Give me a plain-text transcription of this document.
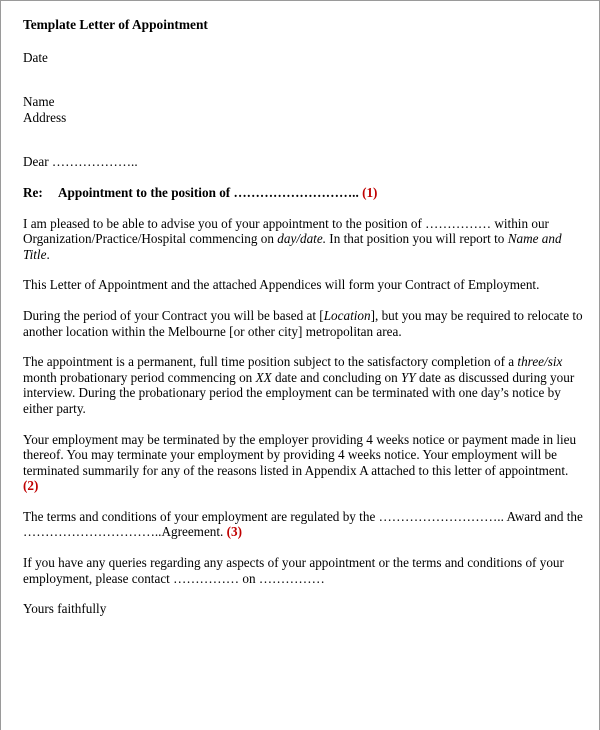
Template Letter of Appointment

Date

Name

Address

Dear ………………..

Re: Appointment to the position of ……………………….. (1)

I am pleased to be able to advise you of your appointment to the position of …………… within our Organization/Practice/Hospital commencing on day/date. In that position you will report to Name and Title.

This Letter of Appointment and the attached Appendices will form your Contract of Employment.

During the period of your Contract you will be based at [Location], but you may be required to relocate to another location within the Melbourne [or other city] metropolitan area.

The appointment is a permanent, full time position subject to the satisfactory completion of a three/six month probationary period commencing on XX date and concluding on YY date as discussed during your interview. During the probationary period the employment can be terminated with one day’s notice by either party.

Your employment may be terminated by the employer providing 4 weeks notice or payment made in lieu thereof. You may terminate your employment by providing 4 weeks notice. Your employment will be terminated summarily for any of the reasons listed in Appendix A attached to this letter of appointment. (2)

The terms and conditions of your employment are regulated by the ……………………….. Award and the …………………………..Agreement. (3)

If you have any queries regarding any aspects of your appointment or the terms and conditions of your employment, please contact …………… on ……………

Yours faithfully
